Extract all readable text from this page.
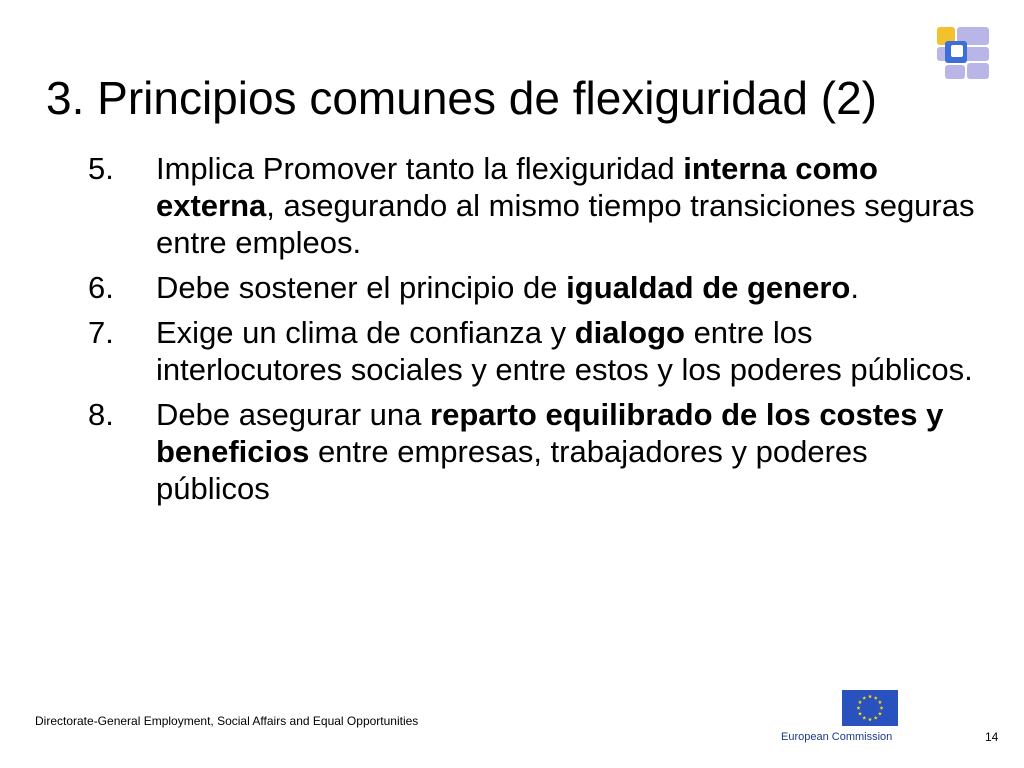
3. Principios comunes de flexiguridad (2)
5. Implica Promover tanto la flexiguridad interna como externa, asegurando al mismo tiempo transiciones seguras entre empleos.
6. Debe sostener el principio de igualdad de genero.
7. Exige un clima de confianza y dialogo entre los interlocutores sociales y entre estos y los poderes públicos.
8. Debe asegurar una reparto equilibrado de los costes y beneficios entre empresas, trabajadores y poderes públicos
Directorate-General Employment, Social Affairs and Equal Opportunities
European Commission	14
